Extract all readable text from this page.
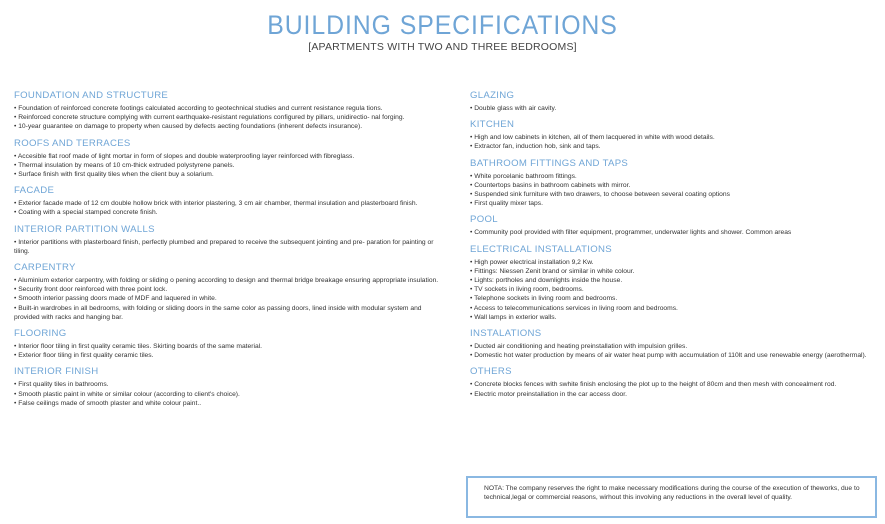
BUILDING SPECIFICATIONS
[APARTMENTS WITH TWO AND THREE BEDROOMS]
FOUNDATION AND STRUCTURE
• Foundation of reinforced concrete footings calculated according to geotechnical studies and current resistance regula tions.
• Reinforced concrete structure complying with current earthquake-resistant regulations configured by pillars, unidirectio- nal forging.
• 10-year guarantee on damage to property when caused by defects aecting foundations (inherent defects insurance).
ROOFS AND TERRACES
• Accesible flat roof made of light mortar in form of slopes and double waterproofing layer reinforced with fibreglass.
• Thermal insulation by means of 10 cm-thick extruded polystyrene panels.
• Surface finish with first quality tiles when the client buy a solarium.
FACADE
• Exterior facade made of 12 cm double hollow brick with interior plastering, 3 cm air chamber, thermal insulation and plasterboard finish.
• Coating with a special stamped concrete finish.
INTERIOR PARTITION WALLS
• Interior partitions with plasterboard finish, perfectly plumbed and prepared to receive the subsequent jointing and pre- paration for painting or tiling.
CARPENTRY
• Aluminium exterior carpentry, with folding or sliding o pening according to design and thermal bridge breakage ensuring appropriate insulation.
• Security front door reinforced with three point lock.
• Smooth interior passing doors made of MDF and laquered in white.
• Built-in wardrobes in all bedrooms, with folding or sliding doors in the same color as passing doors, lined inside with modular system and provided with racks and hanging bar.
FLOORING
• Interior floor tiling in first quality ceramic tiles. Skirting boards of the same material.
• Exterior floor tiling in first quality ceramic tiles.
INTERIOR FINISH
• First quality tiles in bathrooms.
• Smooth plastic paint in white or similar colour (according to client's choice).
• False ceilings made of smooth plaster and white colour paint..
GLAZING
• Double glass with air cavity.
KITCHEN
• High and low cabinets in kitchen, all of them lacquered in white with wood details.
• Extractor fan, induction hob, sink and taps.
BATHROOM FITTINGS AND TAPS
• White porcelanic bathroom fittings.
• Countertops basins in bathroom cabinets with mirror.
• Suspended sink furniture with two drawers, to choose between several coating options
• First quality mixer taps.
POOL
• Community pool provided with filter equipment, programmer, underwater lights and shower. Common areas
ELECTRICAL INSTALLATIONS
• High power electrical installation 9,2 Kw.
• Fittings: Niessen Zenit brand or similar in white colour.
• Lights: portholes and downlights inside the house.
• TV sockets in living room, bedrooms.
• Telephone sockets in living room and bedrooms.
• Access to telecommunications services in living room and bedrooms.
• Wall lamps in exterior walls.
INSTALATIONS
• Ducted air conditioning and heating preinstallation with impulsion grilles.
• Domestic hot water production by means of air water heat pump with accumulation of 110lt and use renewable energy (aerothermal).
OTHERS
• Concrete blocks fences with swhite finish enclosing the plot up to the height of 80cm and then mesh with concealment rod.
• Electric motor preinstallation in the car access door.
NOTA: The company reserves the right to make necessary modifications during the course of the execution of theworks, due to technical,legal or commercial reasons, wirhout this involving any reductions in the overall level of quality.
